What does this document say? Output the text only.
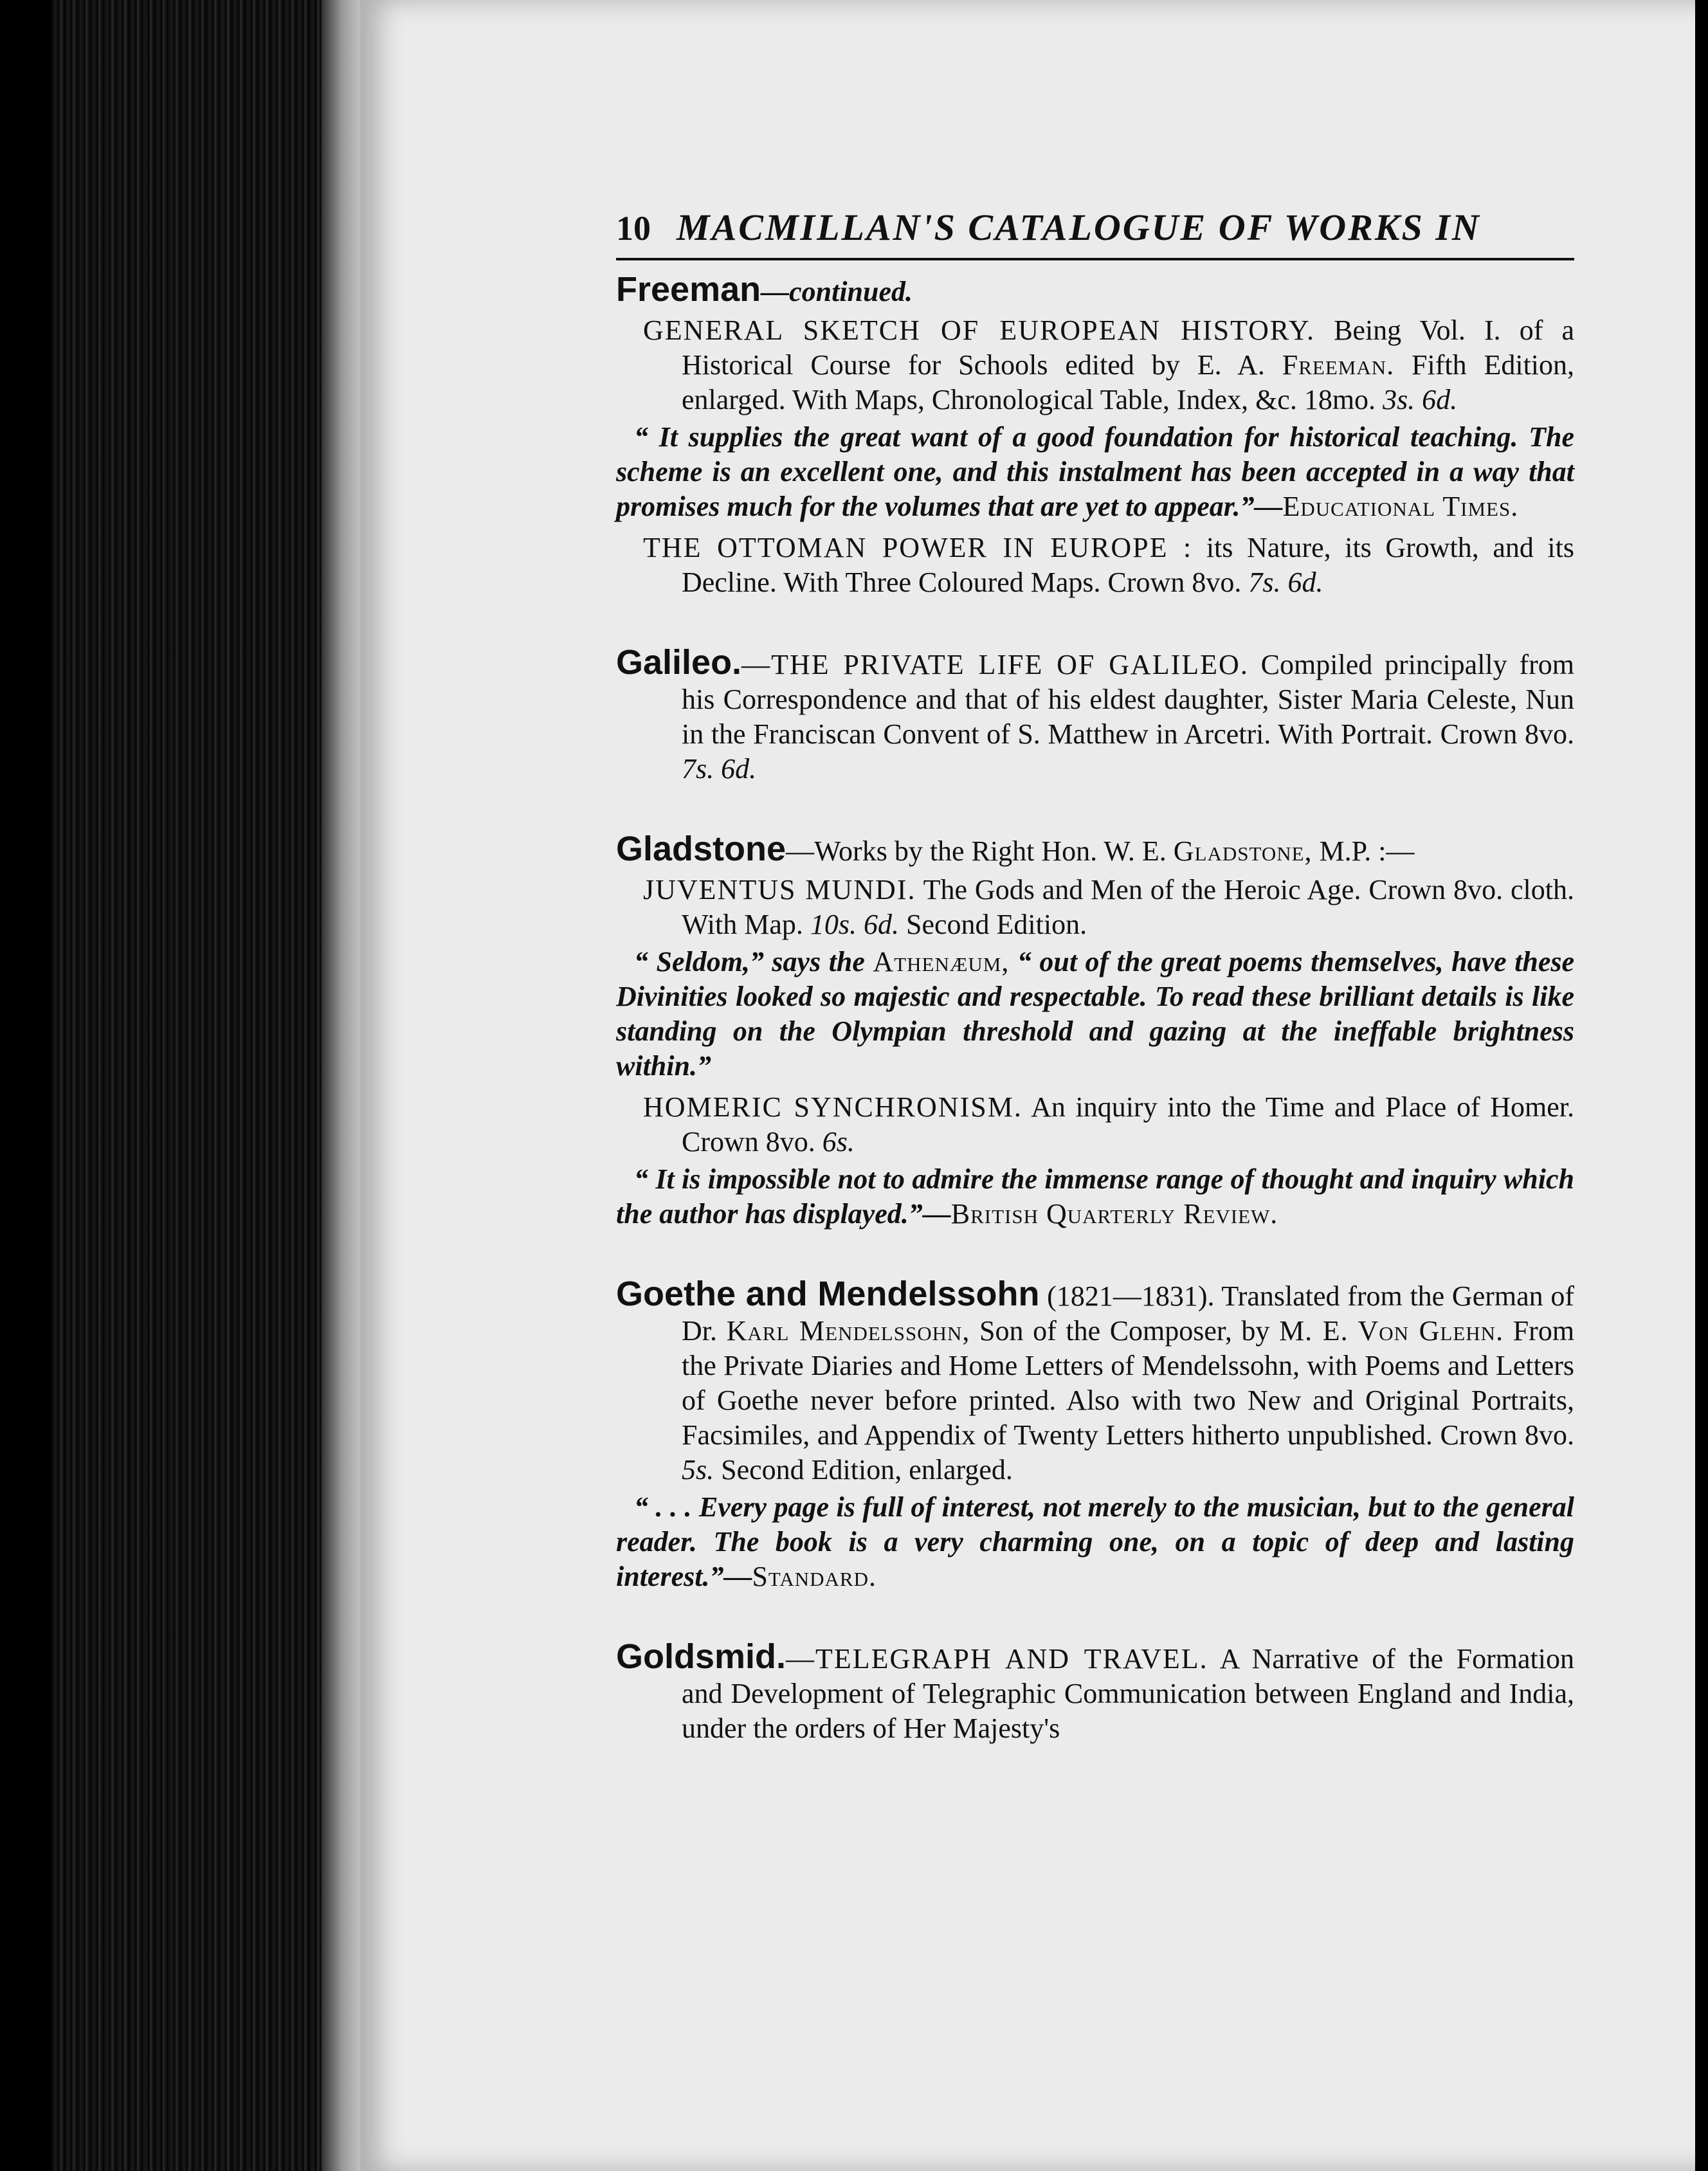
10 MACMILLAN'S CATALOGUE OF WORKS IN
Freeman—continued.
GENERAL SKETCH OF EUROPEAN HISTORY. Being Vol. I. of a Historical Course for Schools edited by E. A. Freeman. Fifth Edition, enlarged. With Maps, Chronological Table, Index, &c. 18mo. 3s. 6d.
“ It supplies the great want of a good foundation for historical teaching. The scheme is an excellent one, and this instalment has been accepted in a way that promises much for the volumes that are yet to appear.”—Educational Times.
THE OTTOMAN POWER IN EUROPE : its Nature, its Growth, and its Decline. With Three Coloured Maps. Crown 8vo. 7s. 6d.
Galileo.—THE PRIVATE LIFE OF GALILEO. Compiled principally from his Correspondence and that of his eldest daughter, Sister Maria Celeste, Nun in the Franciscan Convent of S. Matthew in Arcetri. With Portrait. Crown 8vo. 7s. 6d.
Gladstone—Works by the Right Hon. W. E. Gladstone, M.P. :—
JUVENTUS MUNDI. The Gods and Men of the Heroic Age. Crown 8vo. cloth. With Map. 10s. 6d. Second Edition.
“ Seldom,” says the Athenæum, “ out of the great poems themselves, have these Divinities looked so majestic and respectable. To read these brilliant details is like standing on the Olympian threshold and gazing at the ineffable brightness within.”
HOMERIC SYNCHRONISM. An inquiry into the Time and Place of Homer. Crown 8vo. 6s.
“ It is impossible not to admire the immense range of thought and inquiry which the author has displayed.”—British Quarterly Review.
Goethe and Mendelssohn (1821—1831). Translated from the German of Dr. Karl Mendelssohn, Son of the Composer, by M. E. Von Glehn. From the Private Diaries and Home Letters of Mendelssohn, with Poems and Letters of Goethe never before printed. Also with two New and Original Portraits, Facsimiles, and Appendix of Twenty Letters hitherto unpublished. Crown 8vo. 5s. Second Edition, enlarged.
“ . . . Every page is full of interest, not merely to the musician, but to the general reader. The book is a very charming one, on a topic of deep and lasting interest.”—Standard.
Goldsmid.—TELEGRAPH AND TRAVEL. A Narrative of the Formation and Development of Telegraphic Communication between England and India, under the orders of Her Majesty's
